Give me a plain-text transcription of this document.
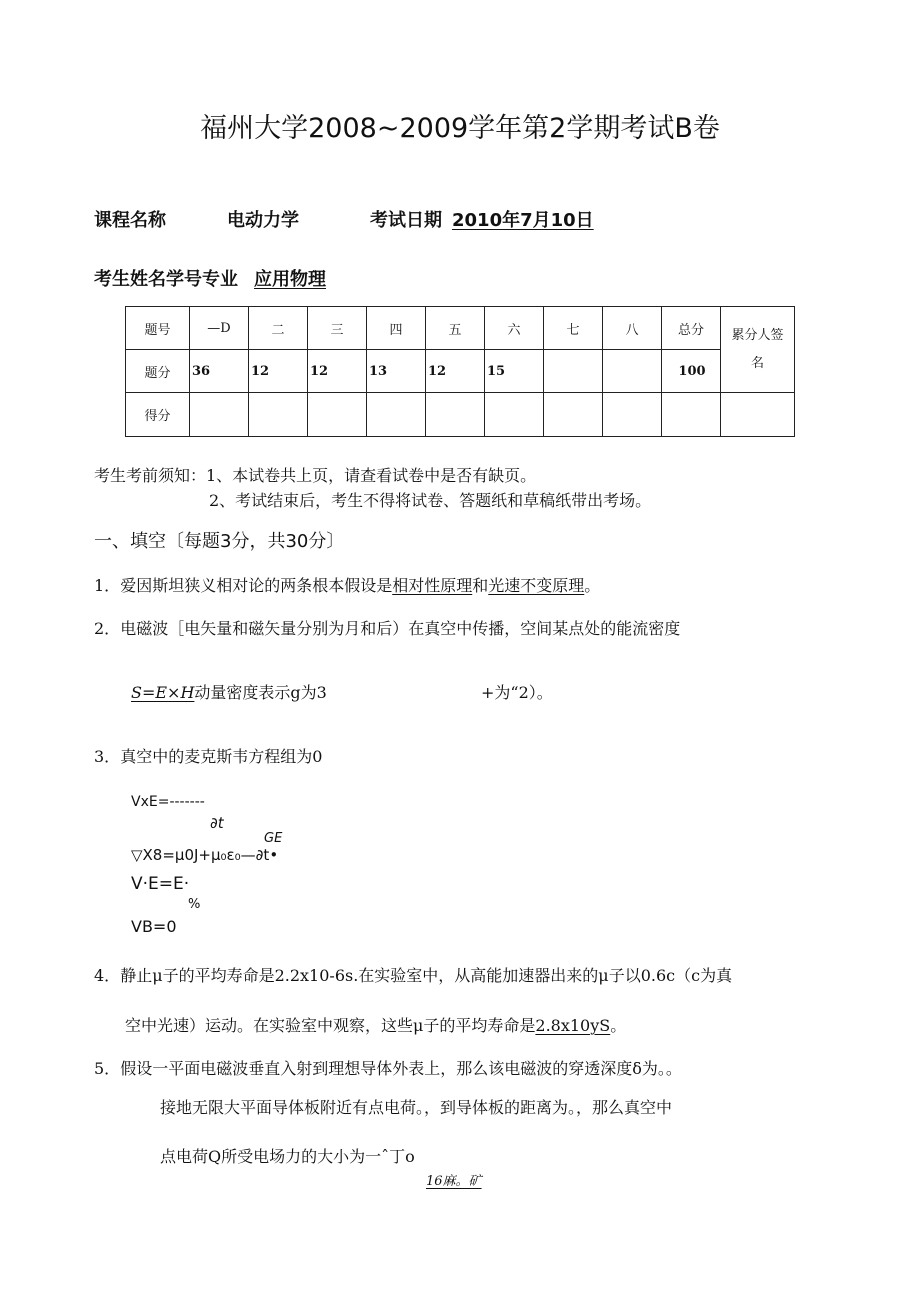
福州大学2008~2009学年第2学期考试B卷
课程名称	电动力学	考试日期 2010年7月10日
考生姓名学号专业 应用物理
题号	—D	二	三	四	五	六	七	八	总分	累分人签
名
题分	36	12	12	13	12	15			100	
得分										
考生考前须知：1、本试卷共上页，请查看试卷中是否有缺页。
2、考试结束后，考生不得将试卷、答题纸和草稿纸带出考场。
一、填空〔每题3分，共30分〕
1．爱因斯坦狭义相对论的两条根本假设是相对性原理和光速不变原理。
2．电磁波［电矢量和磁矢量分别为月和后）在真空中传播，空间某点处的能流密度
S=E×H动量密度表示g为3	+为“2）。
3．真空中的麦克斯韦方程组为0
VxE=-------
∂t
GE
▽X8=μ0J+μ₀ε₀—∂t•
V·E=E·
%
VB=0
4．静止μ子的平均寿命是2.2x10-6s.在实验室中，从高能加速器出来的μ子以0.6c（c为真
空中光速）运动。在实验室中观察，这些μ子的平均寿命是2.8x10yS。
5．假设一平面电磁波垂直入射到理想导体外表上，那么该电磁波的穿透深度δ为。。
接地无限大平面导体板附近有点电荷。，到导体板的距离为。，那么真空中
点电荷Q所受电场力的大小为一ˆ丁o
16麻。矿
